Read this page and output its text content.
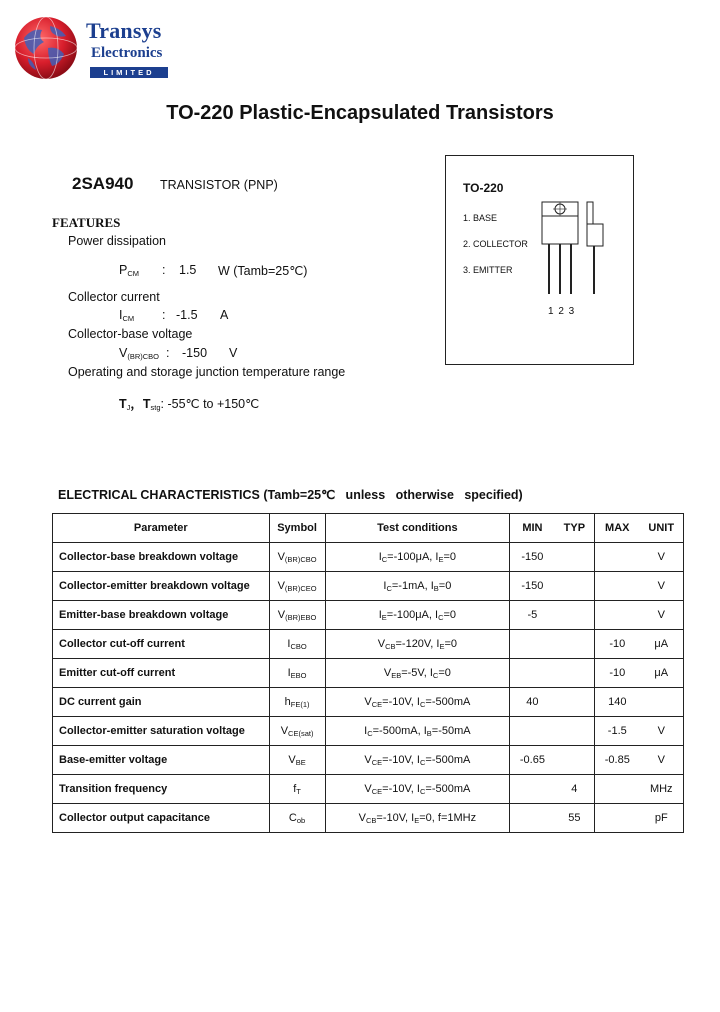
Transys
Electronics
LIMITED
TO-220 Plastic-Encapsulated Transistors
2SA940 TRANSISTOR (PNP)
FEATURES
Power dissipation
$P_{CM}$ : 1.5 W (Tamb=25℃)
Collector current
$I_{CM}$ : -1.5 A
Collector-base voltage
$V_{(BR)CBO}$ : -150 V
Operating and storage junction temperature range
$T_J$，$T_{stg}$: -55℃ to +150℃
TO-220
1. BASE
2. COLLECTOR
3. EMITTER
1 2 3
ELECTRICAL CHARACTERISTICS (Tamb=25℃   unless   otherwise   specified)
Parameter	Symbol	Test conditions	MIN	TYP	MAX	UNIT
Collector-base breakdown voltage	$V_{(BR)CBO}$	$I_C=-100\mu A$, $I_E=0$	-150			V
Collector-emitter breakdown voltage	$V_{(BR)CEO}$	$I_C=-1mA$, $I_B=0$	-150			V
Emitter-base breakdown voltage	$V_{(BR)EBO}$	$I_E=-100\mu A$, $I_C=0$	-5			V
Collector cut-off current	$I_{CBO}$	$V_{CB}=-120V$, $I_E=0$			-10	μA
Emitter cut-off current	$I_{EBO}$	$V_{EB}=-5V$, $I_C=0$			-10	μA
DC current gain	$h_{FE(1)}$	$V_{CE}=-10V$, $I_C=-500mA$	40		140	
Collector-emitter saturation voltage	$V_{CE(sat)}$	$I_C=-500mA$, $I_B=-50mA$			-1.5	V
Base-emitter voltage	$V_{BE}$	$V_{CE}=-10V$, $I_C=-500mA$	-0.65		-0.85	V
Transition frequency	$f_T$	$V_{CE}=-10V$, $I_C=-500mA$		4		MHz
Collector output capacitance	$C_{ob}$	$V_{CB}=-10V$, $I_E=0$, f=1MHz		55		pF
